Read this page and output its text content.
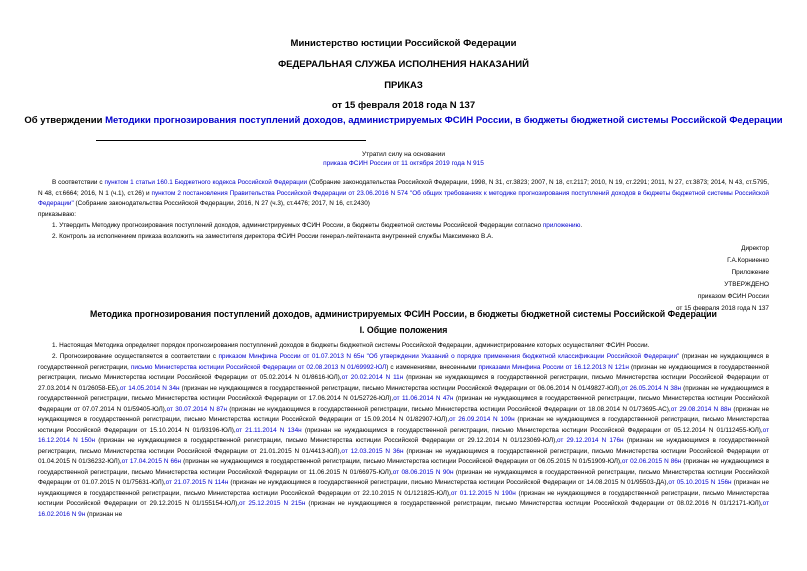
Министерство юстиции Российской Федерации
ФЕДЕРАЛЬНАЯ СЛУЖБА ИСПОЛНЕНИЯ НАКАЗАНИЙ
ПРИКАЗ
от 15 февраля 2018 года N 137
Об утверждении Методики прогнозирования поступлений доходов, администрируемых ФСИН России, в бюджеты бюджетной системы Российской Федерации
Утратил силу на основании
приказа ФСИН России от 11 октября 2019 года N 915
В соответствии с пунктом 1 статьи 160.1 Бюджетного кодекса Российской Федерации (Собрание законодательства Российской Федерации, 1998, N 31, ст.3823; 2007, N 18, ст.2117; 2010, N 19, ст.2291; 2011, N 27, ст.3873; 2014, N 43, ст.5795, N 48, ст.6664; 2016, N 1 (ч.1), ст.26) и пунктом 2 постановления Правительства Российской Федерации от 23.06.2016 N 574 "Об общих требованиях к методике прогнозирования поступлений доходов в бюджеты бюджетной системы Российской Федерации" (Собрание законодательства Российской Федерации, 2016, N 27 (ч.3), ст.4476; 2017, N 16, ст.2430)
приказываю:
1. Утвердить Методику прогнозирования поступлений доходов, администрируемых ФСИН России, в бюджеты бюджетной системы Российской Федерации согласно приложению.
2. Контроль за исполнением приказа возложить на заместителя директора ФСИН России генерал-лейтенанта внутренней службы Максименко В.А.
Директор
Г.А.Корниенко
Приложение
УТВЕРЖДЕНО
приказом ФСИН России
от 15 февраля 2018 года N 137
Методика прогнозирования поступлений доходов, администрируемых ФСИН России, в бюджеты бюджетной системы Российской Федерации
I. Общие положения
1. Настоящая Методика определяет порядок прогнозирования поступлений доходов в бюджеты бюджетной системы Российской Федерации, администрирование которых осуществляет ФСИН России.
2. Прогнозирование осуществляется в соответствии с приказом Минфина России от 01.07.2013 N 65н "Об утверждении Указаний о порядке применения бюджетной классификации Российской Федерации" (признан не нуждающимся в государственной регистрации, письмо Министерства юстиции Российской Федерации от 02.08.2013 N 01/69992-ЮЛ) с изменениями, внесенными приказами Минфина России от 16.12.2013 N 121н (признан не нуждающимся в государственной регистрации, письмо Министерства юстиции Российской Федерации от 05.02.2014 N 01/8616-ЮЛ),от 20.02.2014 N 11н (признан не нуждающимся в государственной регистрации, письмо Министерства юстиции Российской Федерации от 27.03.2014 N 01/26058-ЕБ),от 14.05.2014 N 34н (признан не нуждающимся в государственной регистрации, письмо Министерства юстиции Российской Федерации от 06.06.2014 N 01/49827-ЮЛ),от 26.05.2014 N 38н (признан не нуждающимся в государственной регистрации, письмо Министерства юстиции Российской Федерации от 17.06.2014 N 01/52726-ЮЛ),от 11.06.2014 N 47н (признан не нуждающимся в государственной регистрации, письмо Министерства юстиции Российской Федерации от 07.07.2014 N 01/59405-ЮЛ),от 30.07.2014 N 87н (признан не нуждающимся в государственной регистрации, письмо Министерства юстиции Российской Федерации от 18.08.2014 N 01/73695-АС),от 29.08.2014 N 88н (признан не нуждающимся в государственной регистрации, письмо Министерства юстиции Российской Федерации от 15.09.2014 N 01/82907-ЮЛ),от 26.09.2014 N 109н (признан не нуждающимся в государственной регистрации, письмо Министерства юстиции Российской Федерации от 15.10.2014 N 01/93196-ЮЛ),от 21.11.2014 N 134н (признан не нуждающимся в государственной регистрации, письмо Министерства юстиции Российской Федерации от 05.12.2014 N 01/112455-ЮЛ),от 16.12.2014 N 150н (признан не нуждающимся в государственной регистрации, письмо Министерства юстиции Российской Федерации от 29.12.2014 N 01/123069-ЮЛ),от 29.12.2014 N 176н (признан не нуждающимся в государственной регистрации, письмо Министерства юстиции Российской Федерации от 21.01.2015 N 01/4413-ЮЛ),от 12.03.2015 N 36н (признан не нуждающимся в государственной регистрации, письмо Министерства юстиции Российской Федерации от 01.04.2015 N 01/36232-ЮЛ),от 17.04.2015 N 66н (признан не нуждающимся в государственной регистрации, письмо Министерства юстиции Российской Федерации от 06.05.2015 N 01/51909-ЮЛ),от 02.06.2015 N 86н (признан не нуждающимся в государственной регистрации, письмо Министерства юстиции Российской Федерации от 11.06.2015 N 01/66975-ЮЛ),от 08.06.2015 N 90н (признан не нуждающимся в государственной регистрации, письмо Министерства юстиции Российской Федерации от 01.07.2015 N 01/75631-ЮЛ),от 21.07.2015 N 114н (признан не нуждающимся в государственной регистрации, письмо Министерства юстиции Российской Федерации от 14.08.2015 N 01/95503-ДА),от 05.10.2015 N 156н (признан не нуждающимся в государственной регистрации, письмо Министерства юстиции Российской Федерации от 22.10.2015 N 01/121825-ЮЛ),от 01.12.2015 N 190н (признан не нуждающимся в государственной регистрации, письмо Министерства юстиции Российской Федерации от 29.12.2015 N 01/155154-ЮЛ),от 25.12.2015 N 215н (признан не нуждающимся в государственной регистрации, письмо Министерства юстиции Российской Федерации от 08.02.2016 N 01/12171-ЮЛ),от 16.02.2016 N 9н (признан не
